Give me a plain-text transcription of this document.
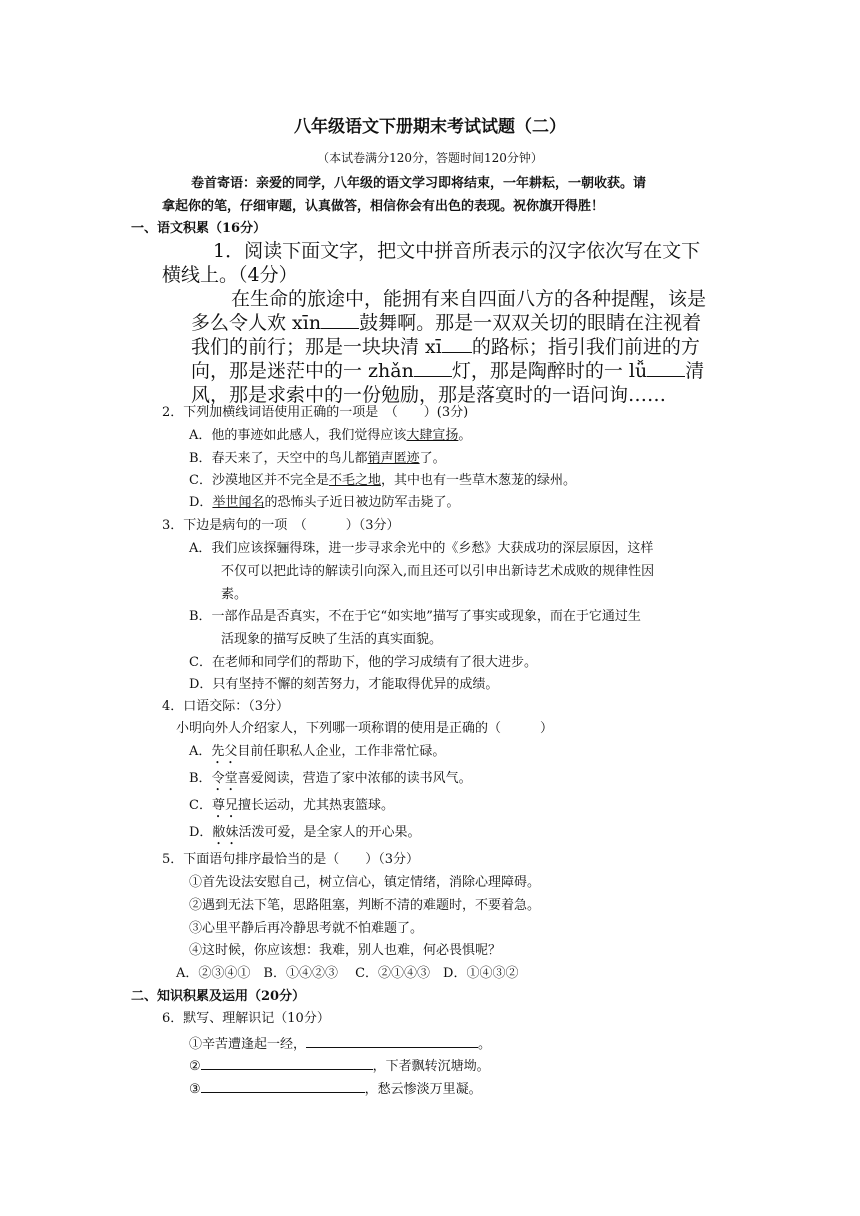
八年级语文下册期末考试试题（二）
（本试卷满分120分，答题时间120分钟）
卷首寄语：亲爱的同学，八年级的语文学习即将结束，一年耕耘，一朝收获。请
拿起你的笔，仔细审题，认真做答，相信你会有出色的表现。祝你旗开得胜！
一、语文积累（16分）
1．阅读下面文字，把文中拼音所表示的汉字依次写在文下
横线上。（4分）
在生命的旅途中，能拥有来自四面八方的各种提醒，该是
多么令人欢 xīn 鼓舞啊。那是一双双关切的眼睛在注视着
我们的前行；那是一块块清 xī 的路标；指引我们前进的方
向，那是迷茫中的一 zhǎn 灯，那是陶醉时的一 lǚ 清
风，那是求索中的一份勉励，那是落寞时的一语问询……
2．下列加横线词语使用正确的一项是　（　　）(3分)
A．他的事迹如此感人，我们觉得应该大肆宣扬。
B．春天来了，天空中的鸟儿都销声匿迹了。
C．沙漠地区并不完全是不毛之地，其中也有一些草木葱茏的绿州。
D．举世闻名的恐怖头子近日被边防军击毙了。
3．下边是病句的一项　（　　　）（3分）
A．我们应该探骊得珠，进一步寻求余光中的《乡愁》大获成功的深层原因，这样
不仅可以把此诗的解读引向深入,而且还可以引申出新诗艺术成败的规律性因
素。
B．一部作品是否真实，不在于它“如实地”描写了事实或现象，而在于它通过生
活现象的描写反映了生活的真实面貌。
C．在老师和同学们的帮助下，他的学习成绩有了很大进步。
D．只有坚持不懈的刻苦努力，才能取得优异的成绩。
4．口语交际：（3分）
小明向外人介绍家人，下列哪一项称谓的使用是正确的（　　　）
A．先父目前任职私人企业，工作非常忙碌。
B．令堂喜爱阅读，营造了家中浓郁的读书风气。
C．尊兄擅长运动，尤其热衷篮球。
D．敝妹活泼可爱，是全家人的开心果。
5．下面语句排序最恰当的是（　　）（3分）
①首先设法安慰自己，树立信心，镇定情绪，消除心理障碍。
②遇到无法下笔，思路阻塞，判断不清的难题时，不要着急。
③心里平静后再冷静思考就不怕难题了。
④这时候，你应该想：我难，别人也难，何必畏惧呢？
A．②③④①　B．①④②③　 C．②①④③　D．①④③②
二、知识积累及运用（20分）
6．默写、理解识记（10分）
①辛苦遭逢起一经，	。
②	，下者飘转沉塘坳。
③	，愁云惨淡万里凝。
